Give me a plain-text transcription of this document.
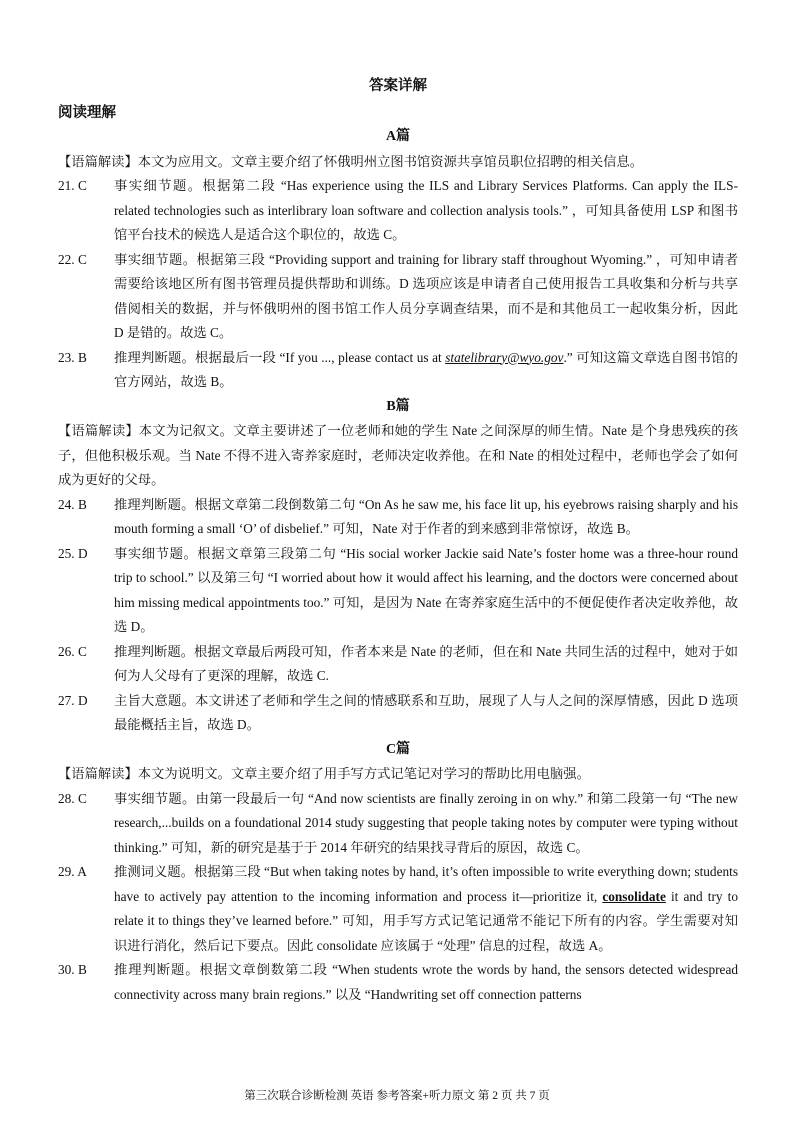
答案详解
阅读理解
A篇
【语篇解读】本文为应用文。文章主要介绍了怀俄明州立图书馆资源共享馆员职位招聘的相关信息。
21. C	事实细节题。根据第二段 “Has experience using the ILS and Library Services Platforms. Can apply the ILS-related technologies such as interlibrary loan software and collection analysis tools.” ，可知具备使用 LSP 和图书馆平台技术的候选人是适合这个职位的，故选 C。
22. C	事实细节题。根据第三段 “Providing support and training for library staff throughout Wyoming.” ，可知申请者需要给该地区所有图书管理员提供帮助和训练。D 选项应该是申请者自己使用报告工具收集和分析与共享借阅相关的数据，并与怀俄明州的图书馆工作人员分享调查结果，而不是和其他员工一起收集分析，因此 D 是错的。故选 C。
23. B	推理判断题。根据最后一段 “If you ..., please contact us at statelibrary@wyo.gov.” 可知这篇文章选自图书馆的官方网站，故选 B。
B篇
【语篇解读】本文为记叙文。文章主要讲述了一位老师和她的学生 Nate 之间深厚的师生情。Nate 是个身患残疾的孩子，但他积极乐观。当 Nate 不得不进入寄养家庭时，老师决定收养他。在和 Nate 的相处过程中，老师也学会了如何成为更好的父母。
24. B	推理判断题。根据文章第二段倒数第二句 “On As he saw me, his face lit up, his eyebrows raising sharply and his mouth forming a small ‘O’ of disbelief.” 可知，Nate 对于作者的到来感到非常惊讶，故选 B。
25. D	事实细节题。根据文章第三段第二句 “His social worker Jackie said Nate’s foster home was a three-hour round trip to school.” 以及第三句 “I worried about how it would affect his learning, and the doctors were concerned about him missing medical appointments too.” 可知，是因为 Nate 在寄养家庭生活中的不便促使作者决定收养他，故选 D。
26. C	推理判断题。根据文章最后两段可知，作者本来是 Nate 的老师，但在和 Nate 共同生活的过程中，她对于如何为人父母有了更深的理解，故选 C.
27. D	主旨大意题。本文讲述了老师和学生之间的情感联系和互助，展现了人与人之间的深厚情感，因此 D 选项最能概括主旨，故选 D。
C篇
【语篇解读】本文为说明文。文章主要介绍了用手写方式记笔记对学习的帮助比用电脑强。
28. C	事实细节题。由第一段最后一句 “And now scientists are finally zeroing in on why.” 和第二段第一句 “The new research,...builds on a foundational 2014 study suggesting that people taking notes by computer were typing without thinking.” 可知，新的研究是基于于 2014 年研究的结果找寻背后的原因，故选 C。
29. A	推测词义题。根据第三段 “But when taking notes by hand, it’s often impossible to write everything down; students have to actively pay attention to the incoming information and process it—prioritize it, consolidate it and try to relate it to things they’ve learned before.” 可知，用手写方式记笔记通常不能记下所有的内容。学生需要对知识进行消化，然后记下要点。因此 consolidate 应该属于 “处理” 信息的过程，故选 A。
30. B	推理判断题。根据文章倒数第二段 “When students wrote the words by hand, the sensors detected widespread connectivity across many brain regions.” 以及 “Handwriting set off connection patterns
第三次联合诊断检测 英语 参考答案+听力原文 第 2 页 共 7 页
